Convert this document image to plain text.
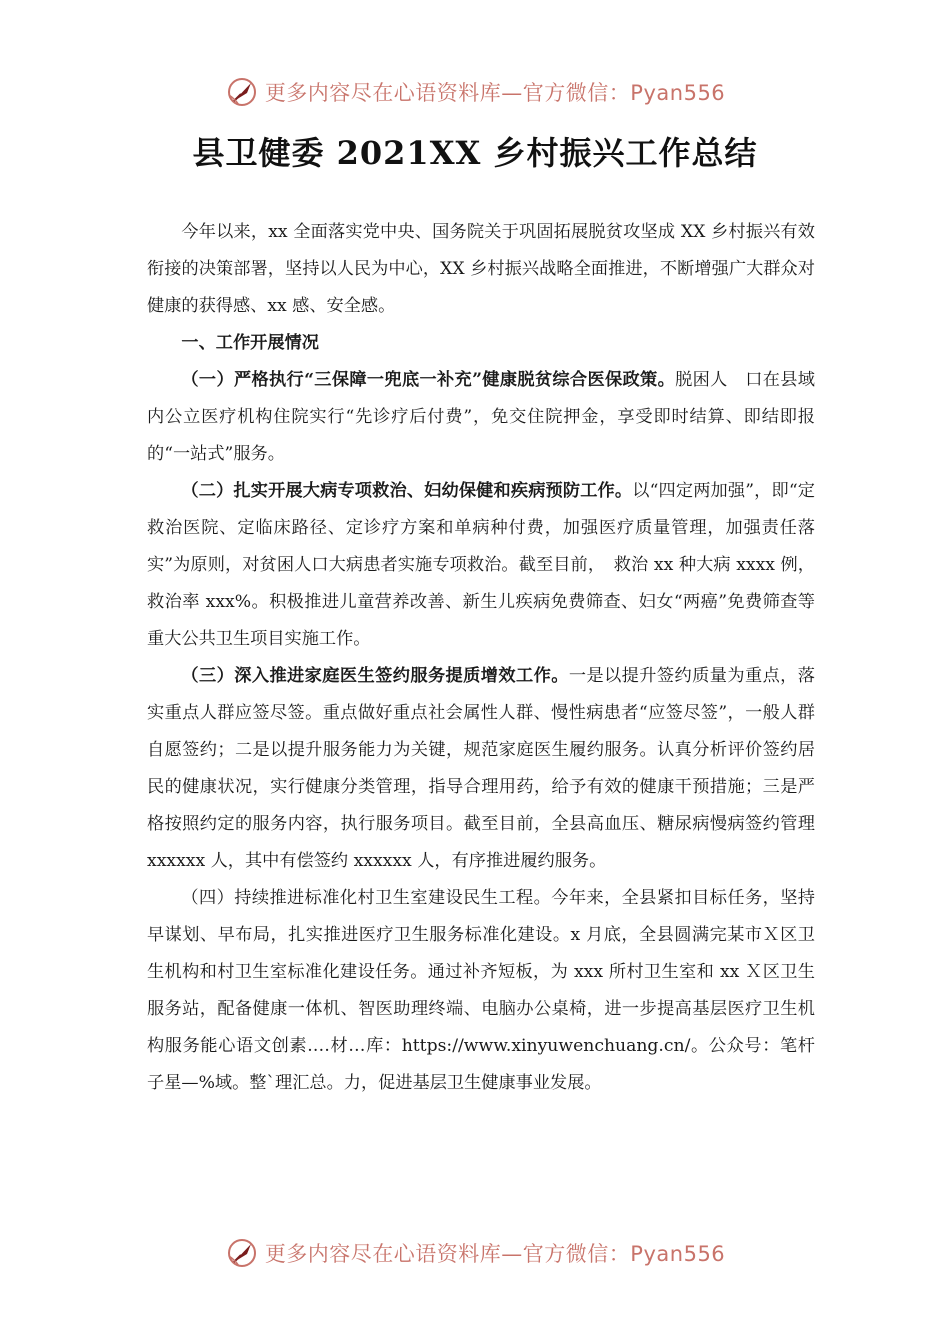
更多内容尽在心语资料库—官方微信：Pyan556
县卫健委 2021XX 乡村振兴工作总结

今年以来，xx 全面落实党中央、国务院关于巩固拓展脱贫攻坚成 XX 乡村振兴有效衔接的决策部署，坚持以人民为中心，XX 乡村振兴战略全面推进，不断增强广大群众对健康的获得感、xx 感、安全感。

一、工作开展情况

（一）严格执行“三保障一兜底一补充”健康脱贫综合医保政策。脱困人　口在县域内公立医疗机构住院实行“先诊疗后付费”，免交住院押金，享受即时结算、即结即报的“一站式”服务。

（二）扎实开展大病专项救治、妇幼保健和疾病预防工作。以“四定两加强”，即“定救治医院、定临床路径、定诊疗方案和单病种付费，加强医疗质量管理，加强责任落实”为原则，对贫困人口大病患者实施专项救治。截至目前，　救治 xx 种大病 xxxx 例，救治率 xxx%。积极推进儿童营养改善、新生儿疾病免费筛查、妇女“两癌”免费筛查等重大公共卫生项目实施工作。

（三）深入推进家庭医生签约服务提质增效工作。一是以提升签约质量为重点，落实重点人群应签尽签。重点做好重点社会属性人群、慢性病患者“应签尽签”，一般人群自愿签约；二是以提升服务能力为关键，规范家庭医生履约服务。认真分析评价签约居民的健康状况，实行健康分类管理，指导合理用药，给予有效的健康干预措施；三是严格按照约定的服务内容，执行服务项目。截至目前，全县高血压、糖尿病慢病签约管理 xxxxxx 人，其中有偿签约 xxxxxx 人，有序推进履约服务。

（四）持续推进标准化村卫生室建设民生工程。今年来，全县紧扣目标任务，坚持早谋划、早布局，扎实推进医疗卫生服务标准化建设。x 月底，全县圆满完某市Ｘ区卫生机构和村卫生室标准化建设任务。通过补齐短板，为 xxx 所村卫生室和 xx Ｘ区卫生服务站，配备健康一体机、智医助理终端、电脑办公桌椅，进一步提高基层医疗卫生机构服务能心语文创素.…材…库：https://www.xinyuwenchuang.cn/。公众号：笔杆子星—%域。整`理汇总。力，促进基层卫生健康事业发展。

更多内容尽在心语资料库—官方微信：Pyan556
